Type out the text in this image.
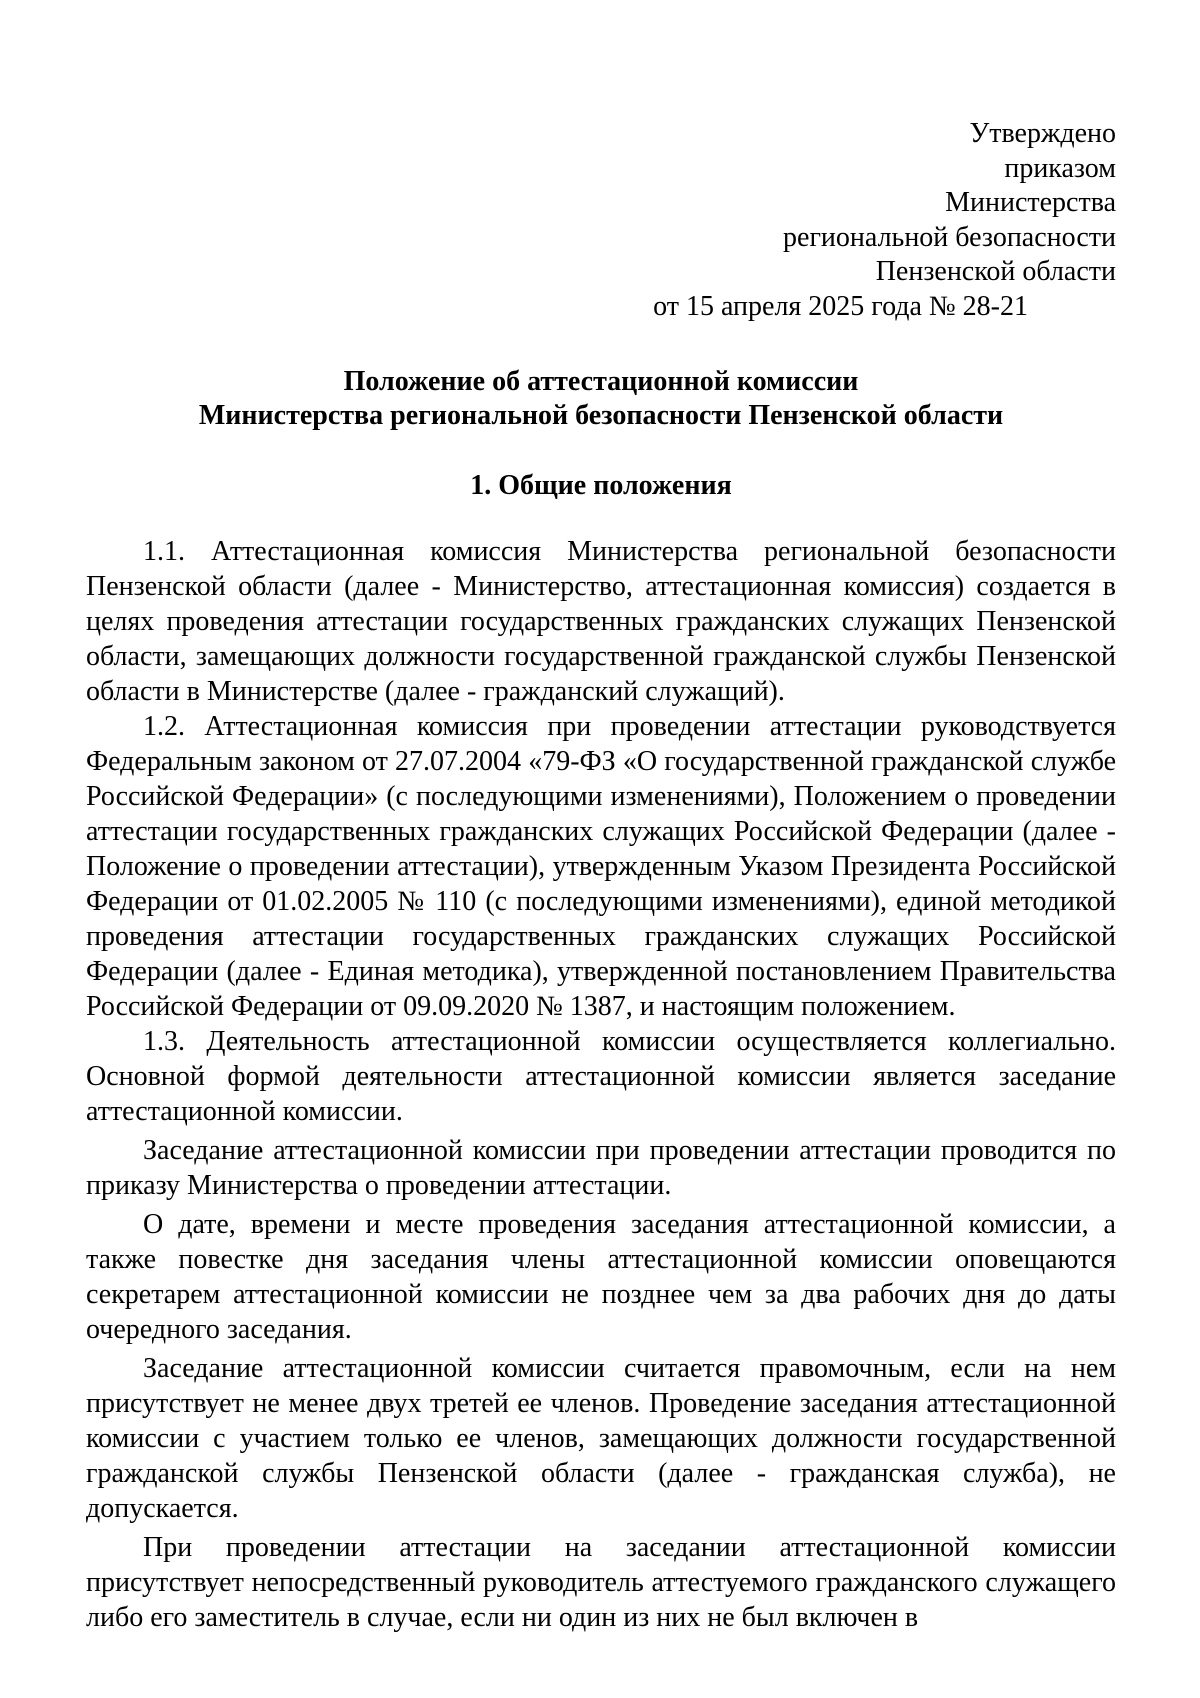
Утверждено
приказом
Министерства
региональной безопасности
Пензенской области
от 15 апреля 2025 года № 28-21
Положение об аттестационной комиссии
Министерства региональной безопасности Пензенской области
1. Общие положения

1.1. Аттестационная комиссия Министерства региональной безопасности Пензенской области (далее - Министерство, аттестационная комиссия) создается в целях проведения аттестации государственных гражданских служащих Пензенской области, замещающих должности государственной гражданской службы Пензенской области в Министерстве (далее - гражданский служащий).

1.2. Аттестационная комиссия при проведении аттестации руководствуется Федеральным законом от 27.07.2004 «79-ФЗ «О государственной гражданской службе Российской Федерации» (с последующими изменениями), Положением о проведении аттестации государственных гражданских служащих Российской Федерации (далее - Положение о проведении аттестации), утвержденным Указом Президента Российской Федерации от 01.02.2005 № 110 (с последующими изменениями), единой методикой проведения аттестации государственных гражданских служащих Российской Федерации (далее - Единая методика), утвержденной постановлением Правительства Российской Федерации от 09.09.2020 № 1387, и настоящим положением.

1.3. Деятельность аттестационной комиссии осуществляется коллегиально. Основной формой деятельности аттестационной комиссии является заседание аттестационной комиссии.

Заседание аттестационной комиссии при проведении аттестации проводится по приказу Министерства о проведении аттестации.

О дате, времени и месте проведения заседания аттестационной комиссии, а также повестке дня заседания члены аттестационной комиссии оповещаются секретарем аттестационной комиссии не позднее чем за два рабочих дня до даты очередного заседания.

Заседание аттестационной комиссии считается правомочным, если на нем присутствует не менее двух третей ее членов. Проведение заседания аттестационной комиссии с участием только ее членов, замещающих должности государственной гражданской службы Пензенской области (далее - гражданская служба), не допускается.

При проведении аттестации на заседании аттестационной комиссии присутствует непосредственный руководитель аттестуемого гражданского служащего либо его заместитель в случае, если ни один из них не был включен в
